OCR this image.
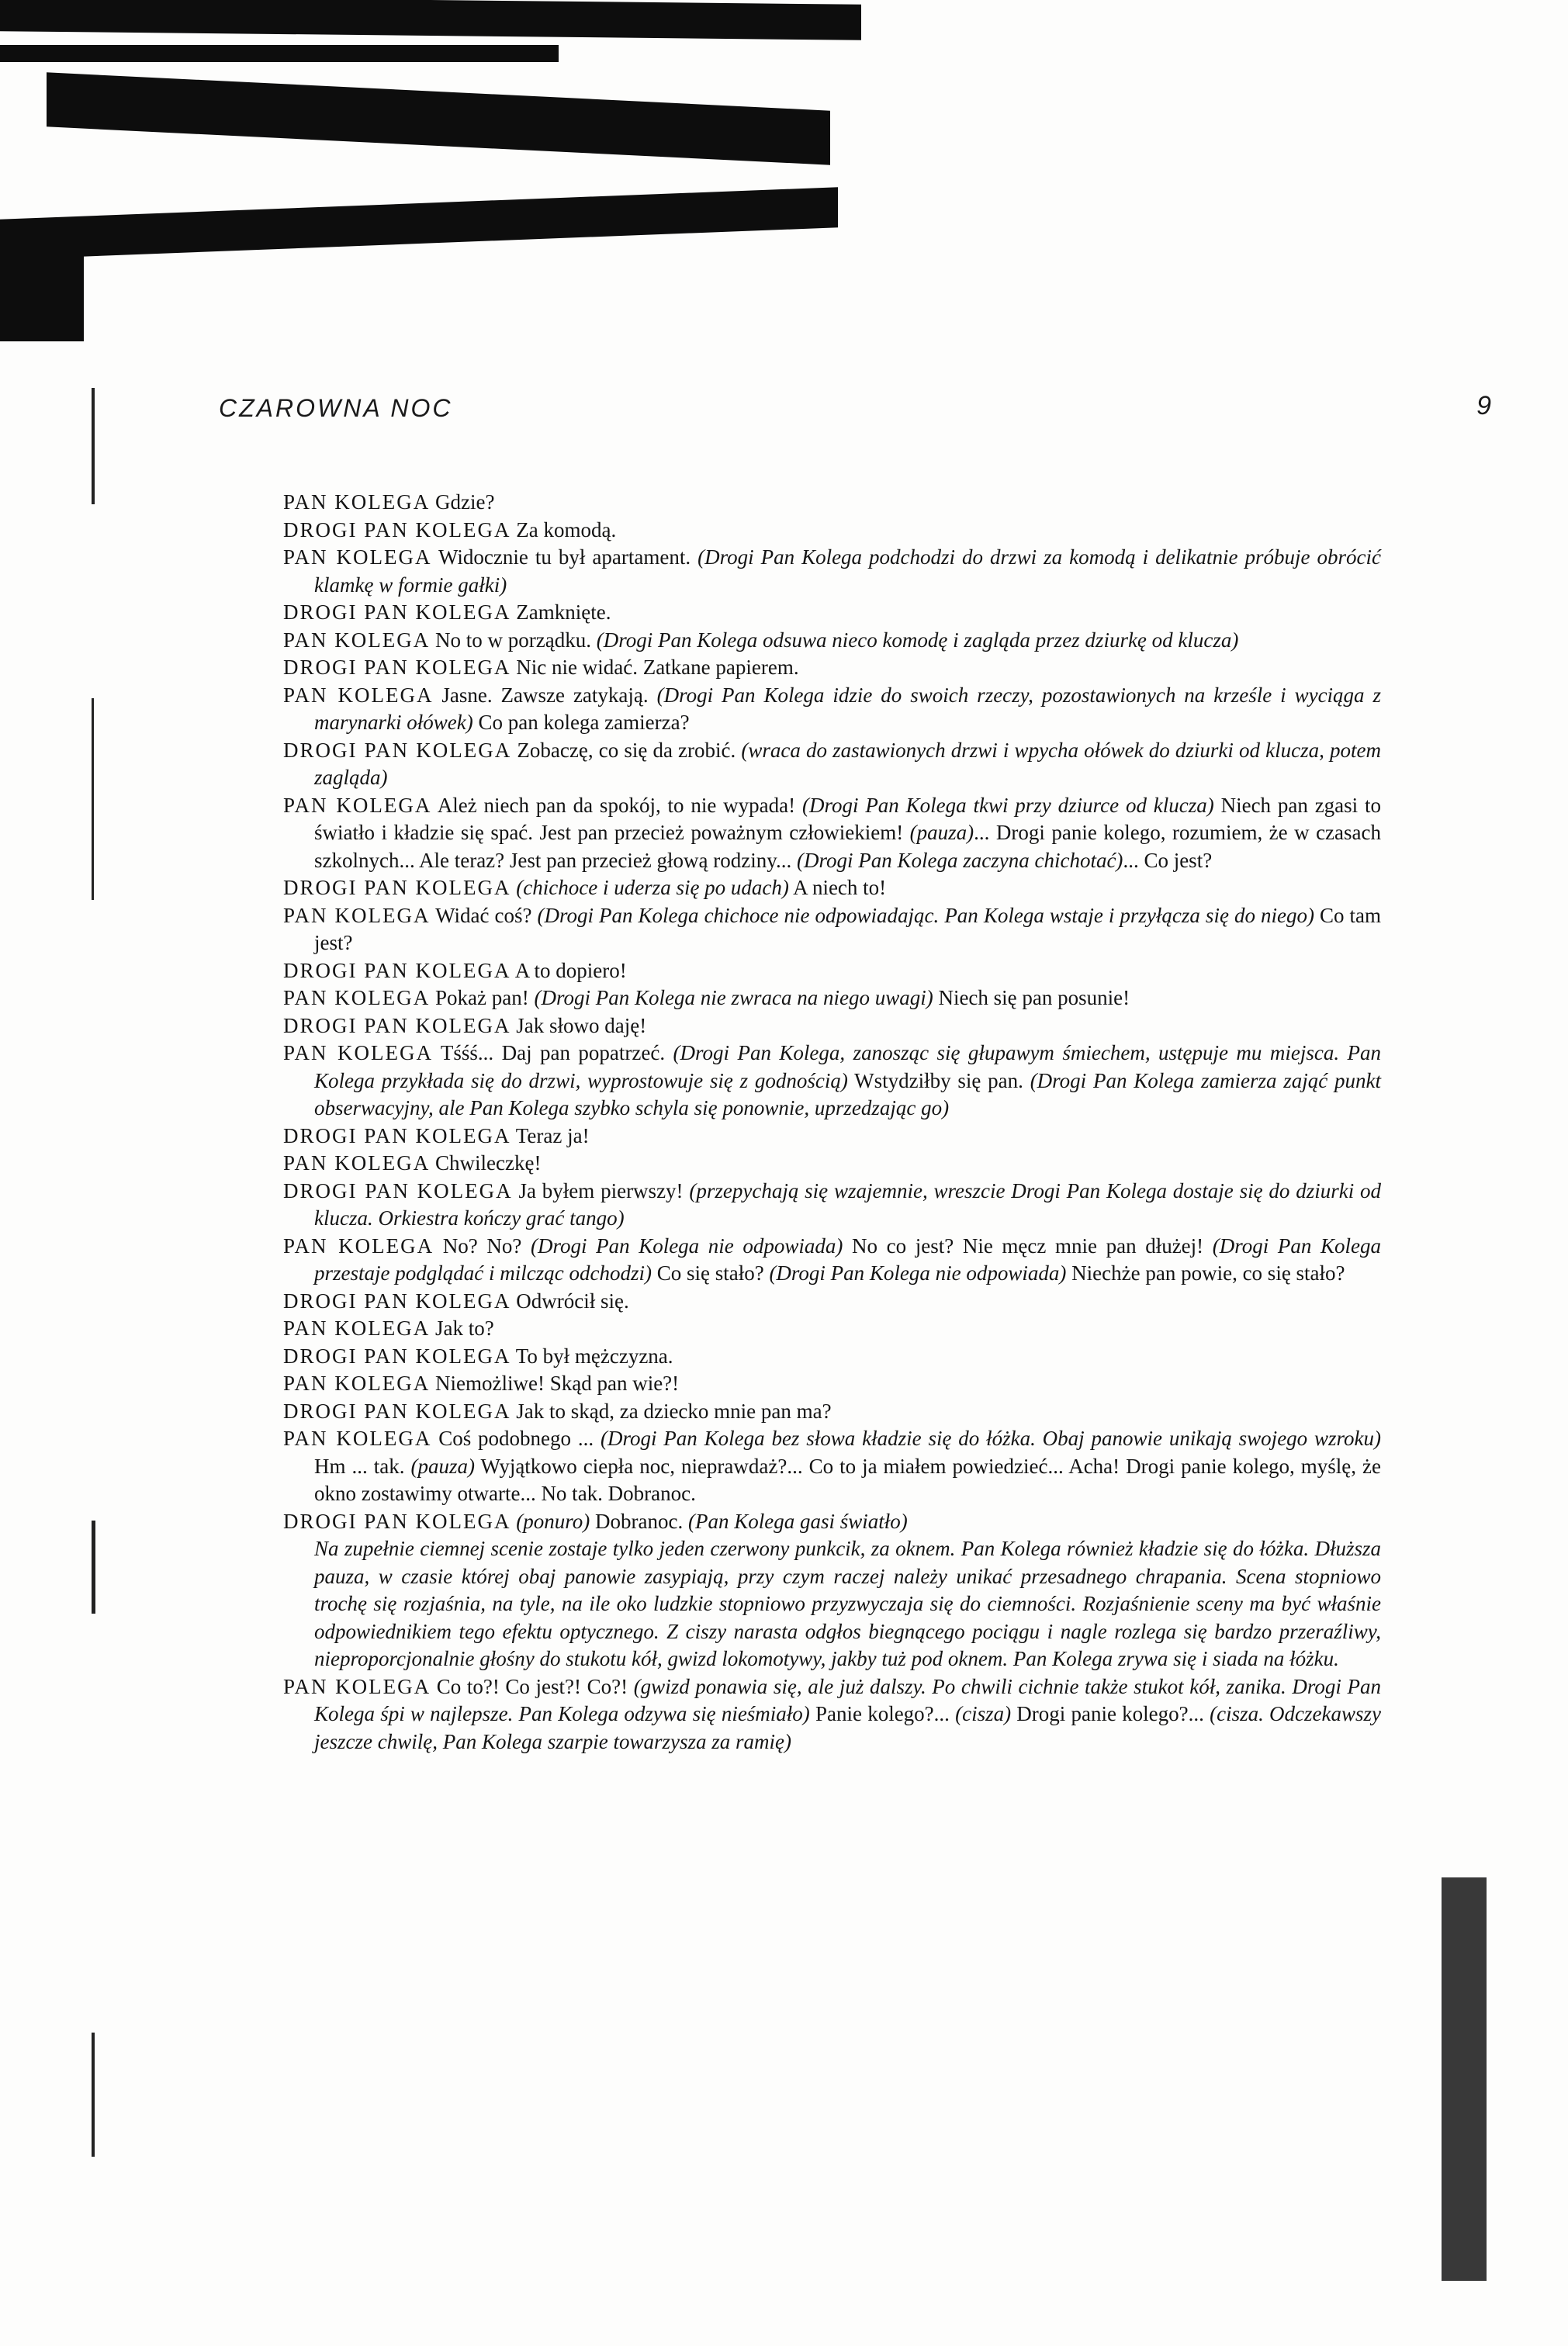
CZAROWNA NOC	9

PAN KOLEGA Gdzie?

DROGI PAN KOLEGA Za komodą.

PAN KOLEGA Widocznie tu był apartament. (Drogi Pan Kolega podchodzi do drzwi za komodą i delikatnie próbuje obrócić klamkę w formie gałki)

DROGI PAN KOLEGA Zamknięte.

PAN KOLEGA No to w porządku. (Drogi Pan Kolega odsuwa nieco komodę i zagląda przez dziurkę od klucza)

DROGI PAN KOLEGA Nic nie widać. Zatkane papierem.

PAN KOLEGA Jasne. Zawsze zatykają. (Drogi Pan Kolega idzie do swoich rzeczy, pozostawionych na krześle i wyciąga z marynarki ołówek) Co pan kolega zamierza?

DROGI PAN KOLEGA Zobaczę, co się da zrobić. (wraca do zastawionych drzwi i wpycha ołówek do dziurki od klucza, potem zagląda)

PAN KOLEGA Ależ niech pan da spokój, to nie wypada! (Drogi Pan Kolega tkwi przy dziurce od klucza) Niech pan zgasi to światło i kładzie się spać. Jest pan przecież poważnym człowiekiem! (pauza)... Drogi panie kolego, rozumiem, że w czasach szkolnych... Ale teraz? Jest pan przecież głową rodziny... (Drogi Pan Kolega zaczyna chichotać)... Co jest?

DROGI PAN KOLEGA (chichoce i uderza się po udach) A niech to!

PAN KOLEGA Widać coś? (Drogi Pan Kolega chichoce nie odpowiadając. Pan Kolega wstaje i przyłącza się do niego) Co tam jest?

DROGI PAN KOLEGA A to dopiero!

PAN KOLEGA Pokaż pan! (Drogi Pan Kolega nie zwraca na niego uwagi) Niech się pan posunie!

DROGI PAN KOLEGA Jak słowo daję!

PAN KOLEGA Tśśś... Daj pan popatrzeć. (Drogi Pan Kolega, zanosząc się głupawym śmiechem, ustępuje mu miejsca. Pan Kolega przykłada się do drzwi, wyprostowuje się z godnością) Wstydziłby się pan. (Drogi Pan Kolega zamierza zająć punkt obserwacyjny, ale Pan Kolega szybko schyla się ponownie, uprzedzając go)

DROGI PAN KOLEGA Teraz ja!

PAN KOLEGA Chwileczkę!

DROGI PAN KOLEGA Ja byłem pierwszy! (przepychają się wzajemnie, wreszcie Drogi Pan Kolega dostaje się do dziurki od klucza. Orkiestra kończy grać tango)

PAN KOLEGA No? No? (Drogi Pan Kolega nie odpowiada) No co jest? Nie męcz mnie pan dłużej! (Drogi Pan Kolega przestaje podglądać i milcząc odchodzi) Co się stało? (Drogi Pan Kolega nie odpowiada) Niechże pan powie, co się stało?

DROGI PAN KOLEGA Odwrócił się.

PAN KOLEGA Jak to?

DROGI PAN KOLEGA To był mężczyzna.

PAN KOLEGA Niemożliwe! Skąd pan wie?!

DROGI PAN KOLEGA Jak to skąd, za dziecko mnie pan ma?

PAN KOLEGA Coś podobnego ... (Drogi Pan Kolega bez słowa kładzie się do łóżka. Obaj panowie unikają swojego wzroku) Hm ... tak. (pauza) Wyjątkowo ciepła noc, nieprawdaż?... Co to ja miałem powiedzieć... Acha! Drogi panie kolego, myślę, że okno zostawimy otwarte... No tak. Dobranoc.

DROGI PAN KOLEGA (ponuro) Dobranoc. (Pan Kolega gasi światło)

Na zupełnie ciemnej scenie zostaje tylko jeden czerwony punkcik, za oknem. Pan Kolega również kładzie się do łóżka. Dłuższa pauza, w czasie której obaj panowie zasypiają, przy czym raczej należy unikać przesadnego chrapania. Scena stopniowo trochę się rozjaśnia, na tyle, na ile oko ludzkie stopniowo przyzwyczaja się do ciemności. Rozjaśnienie sceny ma być właśnie odpowiednikiem tego efektu optycznego. Z ciszy narasta odgłos biegnącego pociągu i nagle rozlega się bardzo przeraźliwy, nieproporcjonalnie głośny do stukotu kół, gwizd lokomotywy, jakby tuż pod oknem. Pan Kolega zrywa się i siada na łóżku.

PAN KOLEGA Co to?! Co jest?! Co?! (gwizd ponawia się, ale już dalszy. Po chwili cichnie także stukot kół, zanika. Drogi Pan Kolega śpi w najlepsze. Pan Kolega odzywa się nieśmiało) Panie kolego?... (cisza) Drogi panie kolego?... (cisza. Odczekawszy jeszcze chwilę, Pan Kolega szarpie towarzysza za ramię)
